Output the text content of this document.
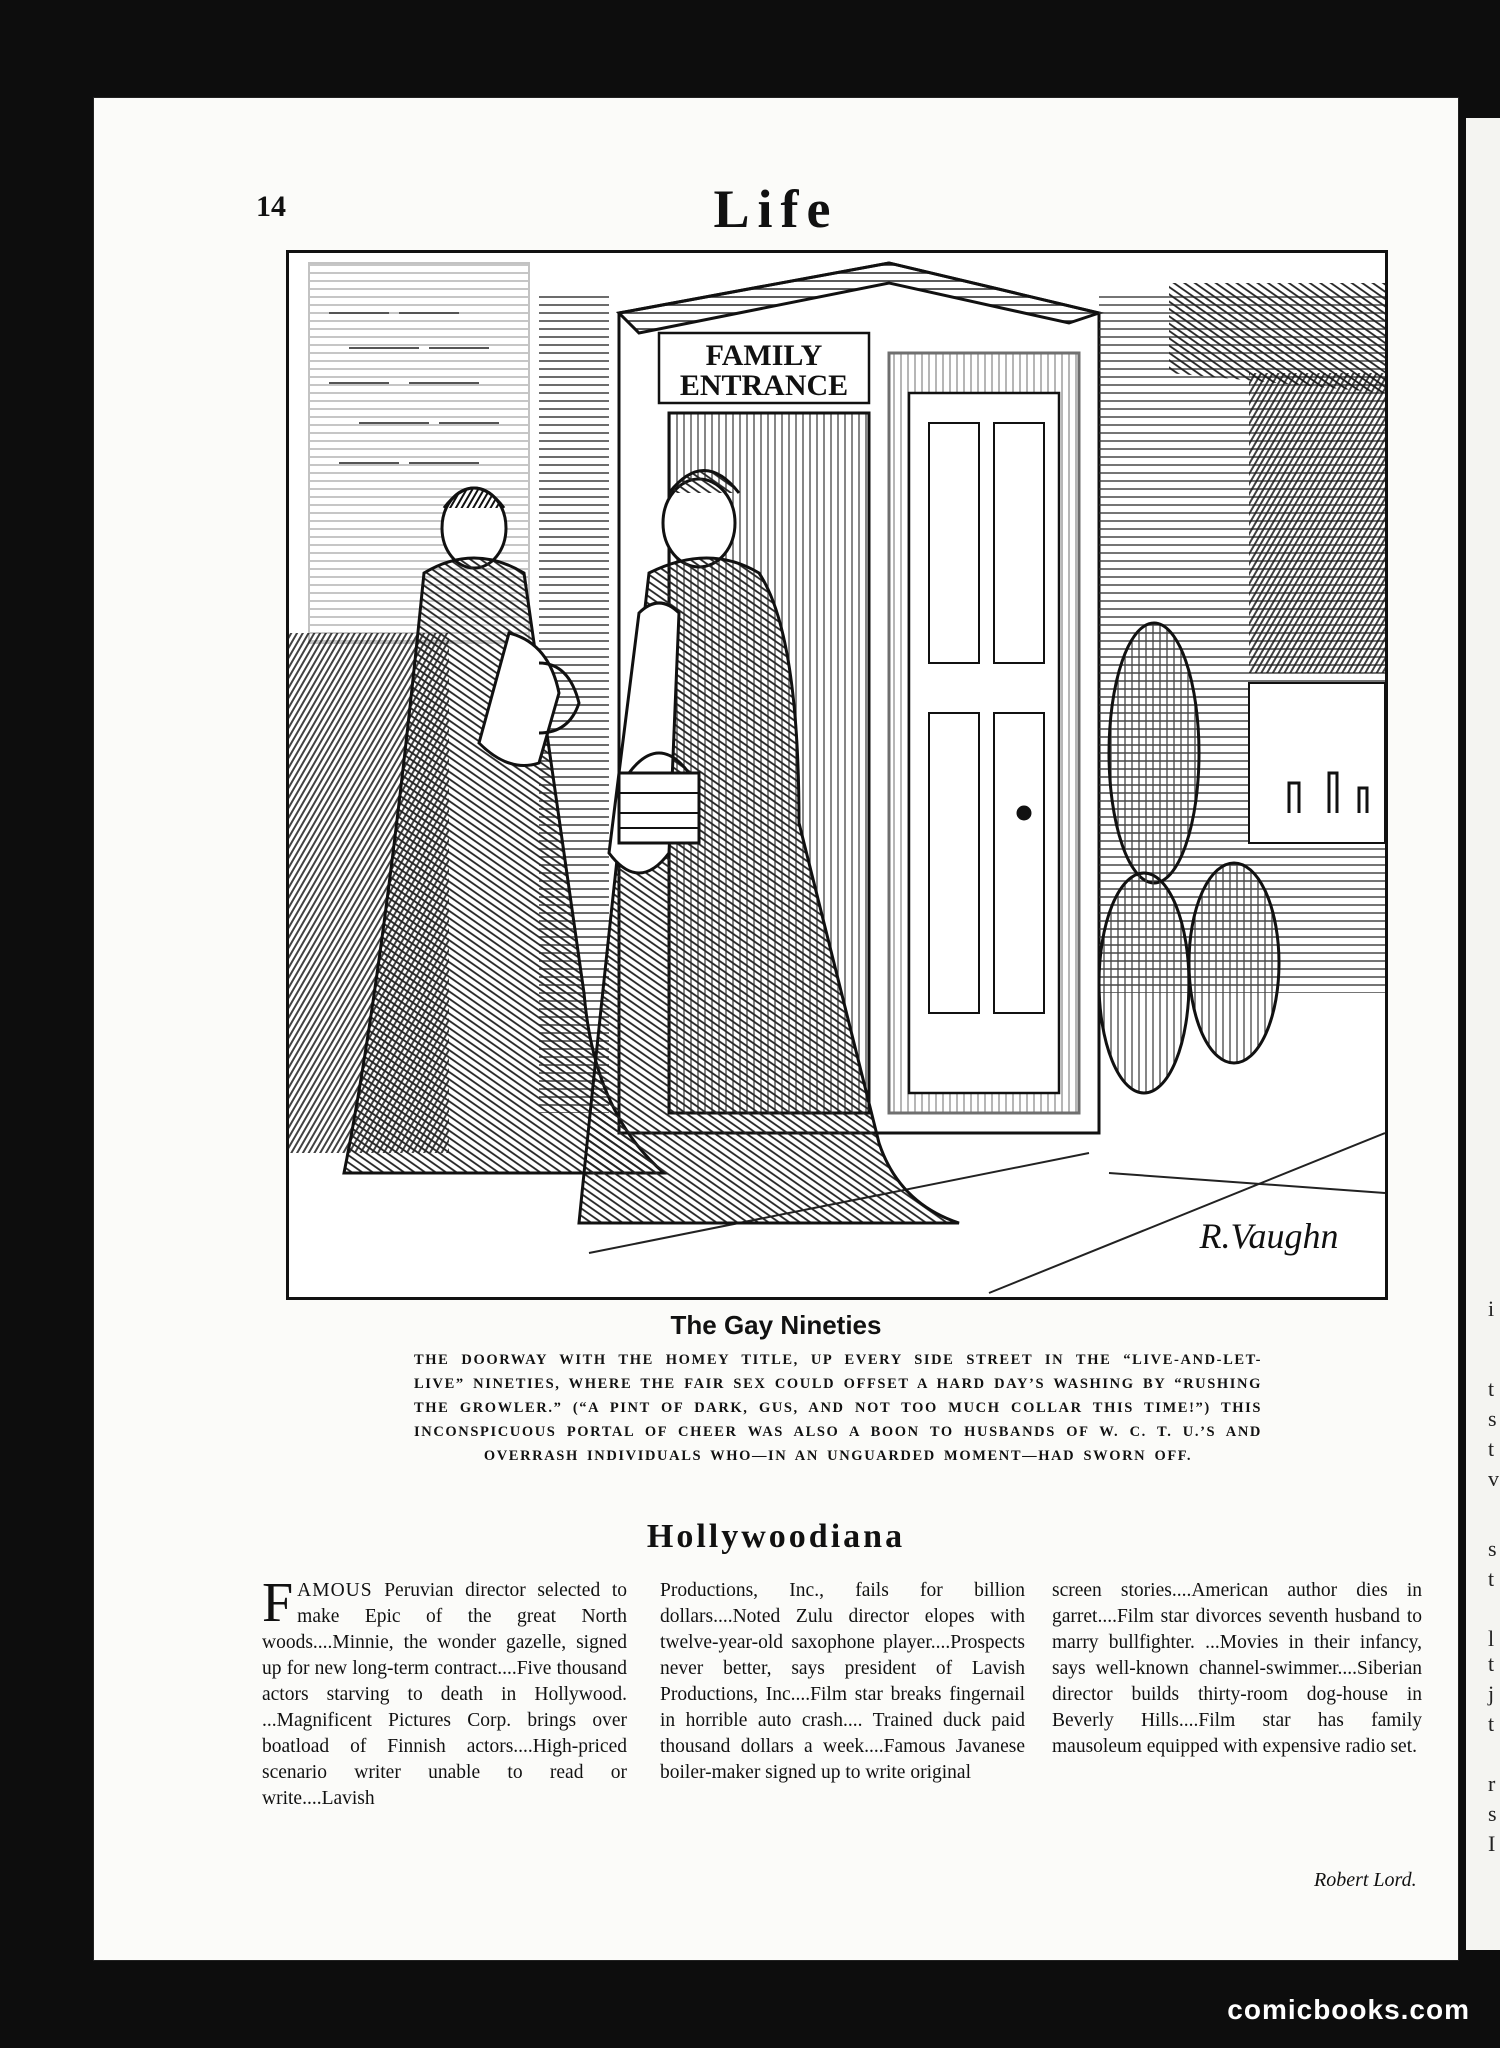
14	Life
FAMILY
ENTRANCE
R.Vaughn
The Gay Nineties
THE DOORWAY WITH THE HOMEY TITLE, UP EVERY SIDE STREET IN THE “LIVE-AND-LET-LIVE” NINETIES, WHERE THE FAIR SEX COULD OFFSET A HARD DAY’S WASHING BY “RUSHING THE GROWLER.” (“A PINT OF DARK, GUS, AND NOT TOO MUCH COLLAR THIS TIME!”) THIS INCONSPICUOUS PORTAL OF CHEER WAS ALSO A BOON TO HUSBANDS OF W. C. T. U.’S AND OVERRASH INDIVIDUALS WHO—IN AN UNGUARDED MOMENT—HAD SWORN OFF.
Hollywoodiana
FAMOUS Peruvian director selected to make Epic of the great North woods....Minnie, the wonder gazelle, signed up for new long-term contract....Five thousand actors starving to death in Hollywood. ...Magnificent Pictures Corp. brings over boatload of Finnish actors....High-priced scenario writer unable to read or write....Lavish
Productions, Inc., fails for billion dollars....Noted Zulu director elopes with twelve-year-old saxophone player....Prospects never better, says president of Lavish Productions, Inc....Film star breaks fingernail in horrible auto crash.... Trained duck paid thousand dollars a week....Famous Javanese boiler-maker signed up to write original
screen stories....American author dies in garret....Film star divorces seventh husband to marry bullfighter. ...Movies in their infancy, says well-known channel-swimmer....Siberian director builds thirty-room dog-house in Beverly Hills....Film star has family mausoleum equipped with expensive radio set.
Robert Lord.
i
t
s
t
v
s
t
l
t
j
t
r
s
I
comicbooks.com
